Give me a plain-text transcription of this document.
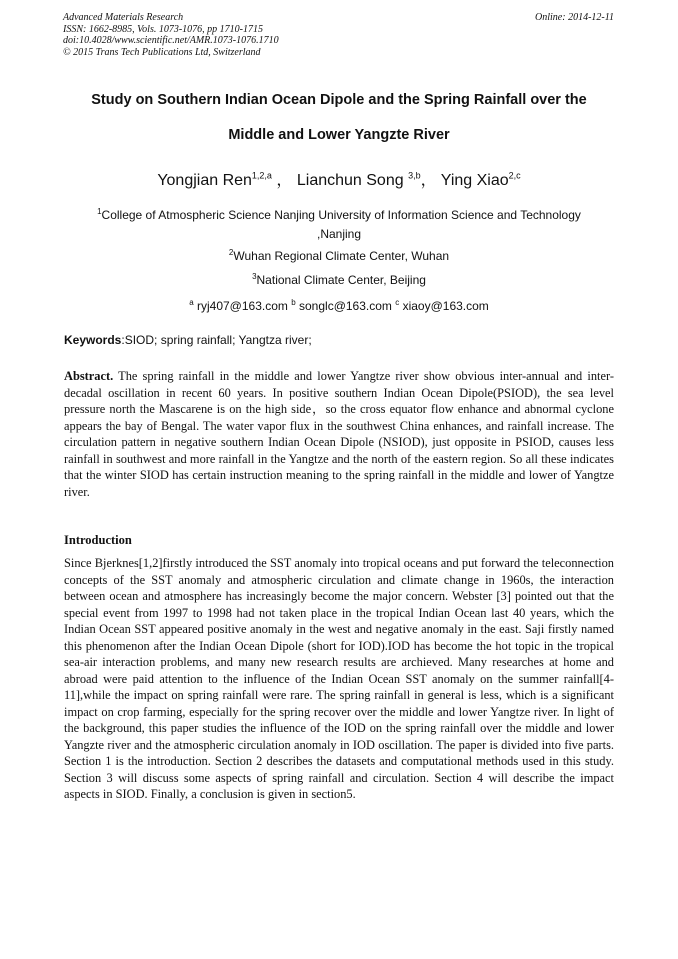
Advanced Materials Research
ISSN: 1662-8985, Vols. 1073-1076, pp 1710-1715
doi:10.4028/www.scientific.net/AMR.1073-1076.1710
© 2015 Trans Tech Publications Ltd, Switzerland
Online: 2014-12-11
Study on Southern Indian Ocean Dipole and the Spring Rainfall over the
Middle and Lower Yangzte River
Yongjian Ren$^{1,2,a}$ ， Lianchun Song $^{3,b}$， Ying Xiao$^{2,c}$
$^1$College of Atmospheric Science Nanjing University of Information Science and Technology
,Nanjing
$^2$Wuhan Regional Climate Center, Wuhan
$^3$National Climate Center, Beijing
$^a$ ryj407@163.com $^b$ songlc@163.com $^c$ xiaoy@163.com
Keywords:SIOD; spring rainfall; Yangtza river;
Abstract. The spring rainfall in the middle and lower Yangtze river show obvious inter-annual and inter-decadal oscillation in recent 60 years. In positive southern Indian Ocean Dipole(PSIOD), the sea level pressure north the Mascarene is on the high side，so the cross equator flow enhance and abnormal cyclone appears the bay of Bengal. The water vapor flux in the southwest China enhances, and rainfall increase. The circulation pattern in negative southern Indian Ocean Dipole (NSIOD), just opposite in PSIOD, causes less rainfall in southwest and more rainfall in the Yangtze and the north of the eastern region. So all these indicates that the winter SIOD has certain instruction meaning to the spring rainfall in the middle and lower of Yangtze river.
Introduction
Since Bjerknes[1,2]firstly introduced the SST anomaly into tropical oceans and put forward the teleconnection concepts of the SST anomaly and atmospheric circulation and climate change in 1960s, the interaction between ocean and atmosphere has increasingly become the major concern. Webster [3] pointed out that the special event from 1997 to 1998 had not taken place in the tropical Indian Ocean last 40 years, which the Indian Ocean SST appeared positive anomaly in the west and negative anomaly in the east. Saji firstly named this phenomenon after the Indian Ocean Dipole (short for IOD).IOD has become the hot topic in the tropical sea-air interaction problems, and many new research results are archieved. Many researches at home and abroad were paid attention to the influence of the Indian Ocean SST anomaly on the summer rainfall[4-11],while the impact on spring rainfall were rare. The spring rainfall in general is less, which is a significant impact on crop farming, especially for the spring recover over the middle and lower Yangtze river. In light of the background, this paper studies the influence of the IOD on the spring rainfall over the middle and lower Yangzte river and the atmospheric circulation anomaly in IOD oscillation. The paper is divided into five parts. Section 1 is the introduction. Section 2 describes the datasets and computational methods used in this study. Section 3 will discuss some aspects of spring rainfall and circulation. Section 4 will describe the impact aspects in SIOD. Finally, a conclusion is given in section5.
